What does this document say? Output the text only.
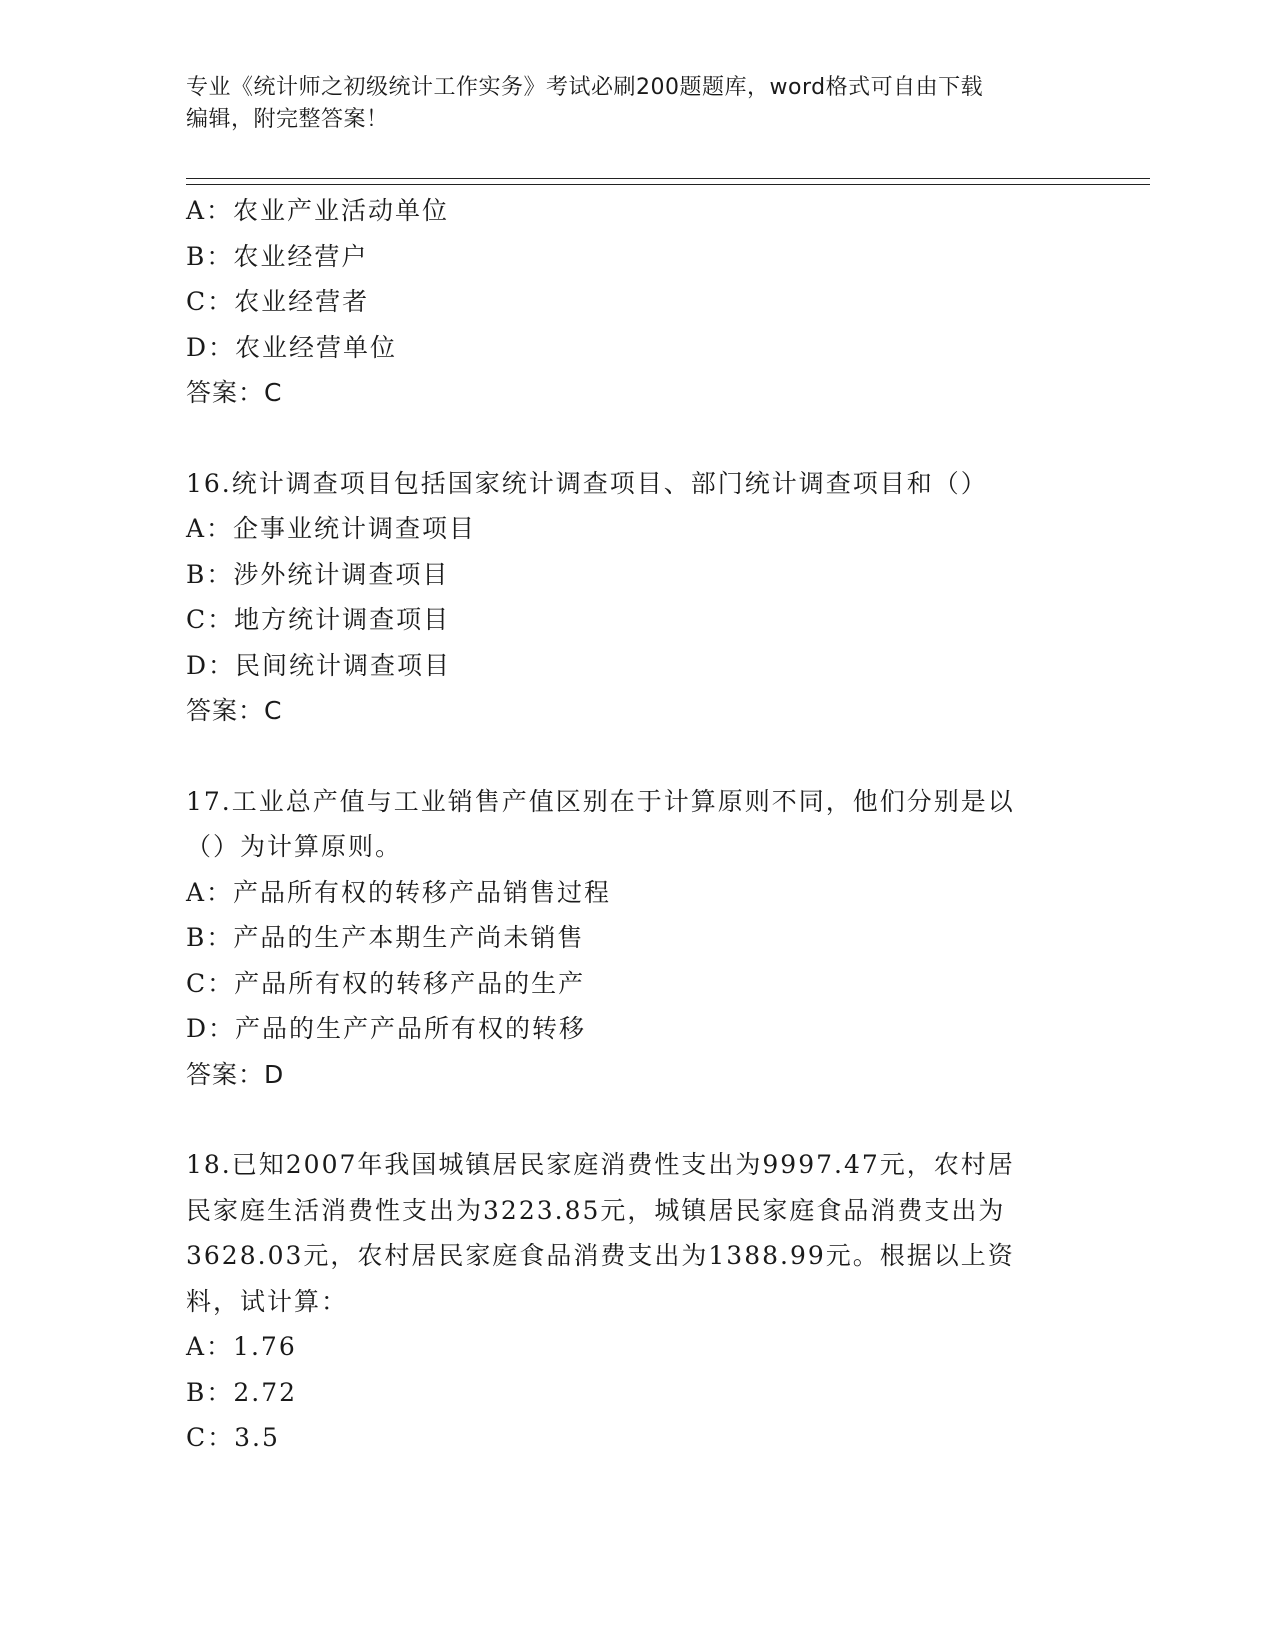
专业《统计师之初级统计工作实务》考试必刷200题题库，word格式可自由下载
编辑，附完整答案！
A：农业产业活动单位
B：农业经营户
C：农业经营者
D：农业经营单位
答案：C
16.统计调查项目包括国家统计调查项目、部门统计调查项目和（）
A：企事业统计调查项目
B：涉外统计调查项目
C：地方统计调查项目
D：民间统计调查项目
答案：C
17.工业总产值与工业销售产值区别在于计算原则不同，他们分别是以
（）为计算原则。
A：产品所有权的转移产品销售过程
B：产品的生产本期生产尚未销售
C：产品所有权的转移产品的生产
D：产品的生产产品所有权的转移
答案：D
18.已知2007年我国城镇居民家庭消费性支出为9997.47元，农村居
民家庭生活消费性支出为3223.85元，城镇居民家庭食品消费支出为
3628.03元，农村居民家庭食品消费支出为1388.99元。根据以上资
料，试计算：
A：1.76
B：2.72
C：3.5
